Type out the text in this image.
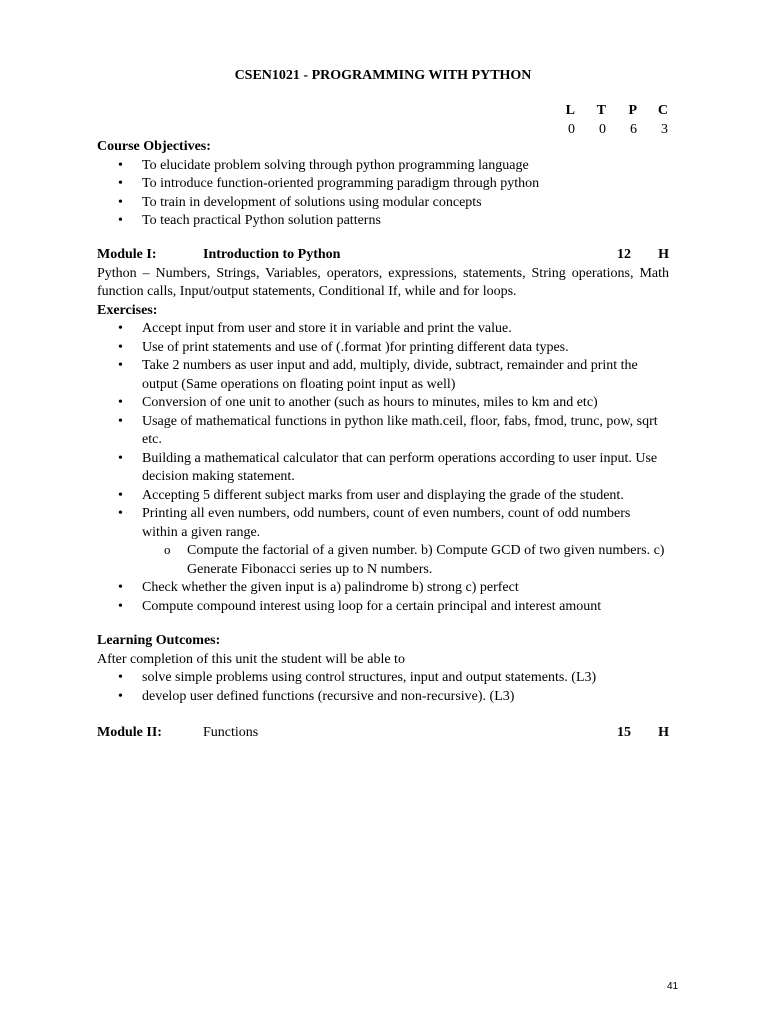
CSEN1021 - PROGRAMMING WITH PYTHON
L	T	P	C
0	0	6	3
Course Objectives:
• To elucidate problem solving through python programming language
• To introduce function-oriented programming paradigm through python
• To train in development of solutions using modular concepts
• To teach practical Python solution patterns
Module I:	Introduction to Python	12	H
Python – Numbers, Strings, Variables, operators, expressions, statements, String operations, Math function calls, Input/output statements, Conditional If, while and for loops.
Exercises:
• Accept input from user and store it in variable and print the value.
• Use of print statements and use of (.format )for printing different data types.
• Take 2 numbers as user input and add, multiply, divide, subtract, remainder and print the output (Same operations on floating point input as well)
• Conversion of one unit to another (such as hours to minutes, miles to km and etc)
• Usage of mathematical functions in python like math.ceil, floor, fabs, fmod, trunc, pow, sqrt etc.
• Building a mathematical calculator that can perform operations according to user input. Use decision making statement.
• Accepting 5 different subject marks from user and displaying the grade of the student.
• Printing all even numbers, odd numbers, count of even numbers, count of odd numbers within a given range.
o Compute the factorial of a given number. b) Compute GCD of two given numbers. c) Generate Fibonacci series up to N numbers.
• Check whether the given input is a) palindrome b) strong c) perfect
• Compute compound interest using loop for a certain principal and interest amount
Learning Outcomes:
After completion of this unit the student will be able to
• solve simple problems using control structures, input and output statements. (L3)
• develop user defined functions (recursive and non-recursive). (L3)
Module II:	Functions	15	H
41
